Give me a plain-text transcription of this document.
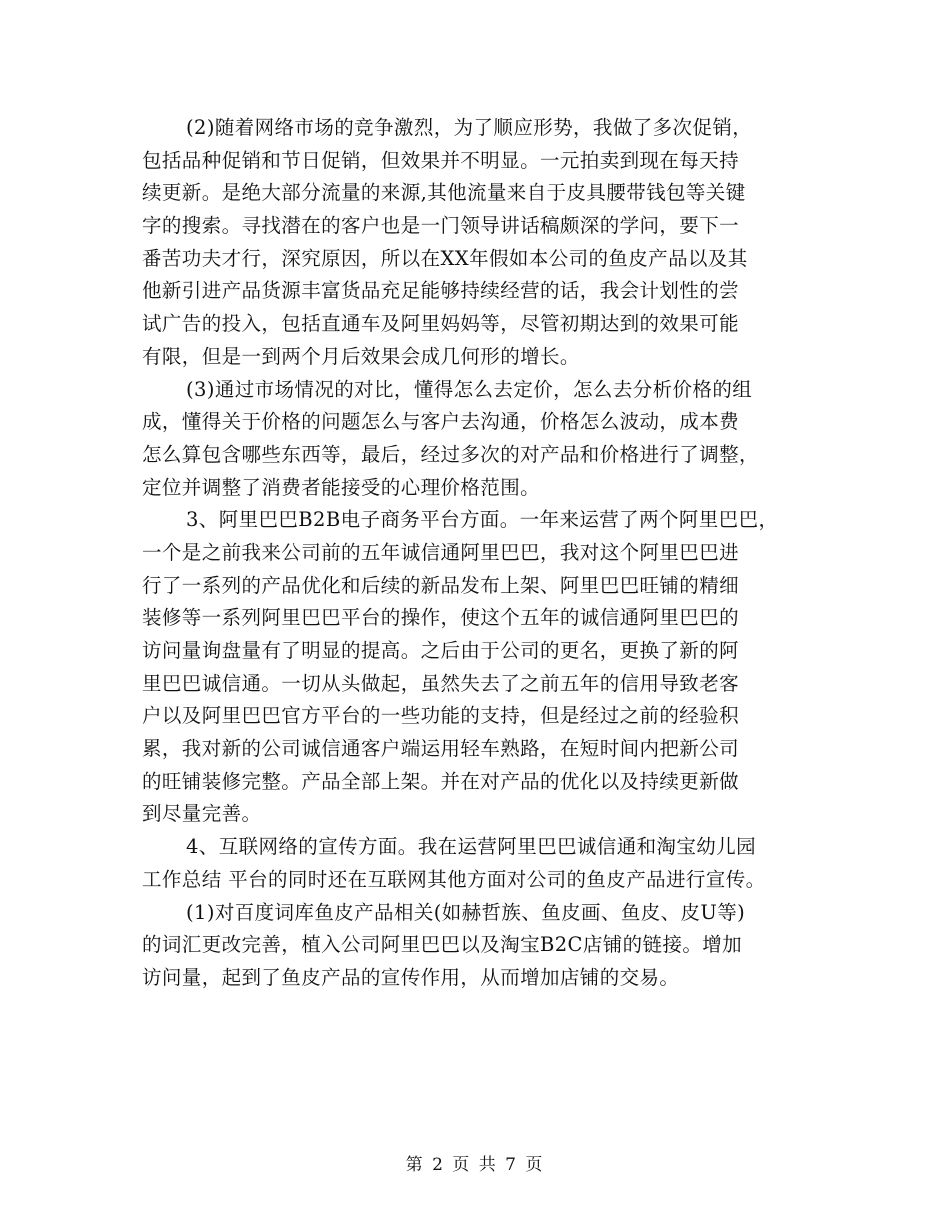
(2)随着网络市场的竞争激烈，为了顺应形势，我做了多次促销，
包括品种促销和节日促销，但效果并不明显。一元拍卖到现在每天持
续更新。是绝大部分流量的来源,其他流量来自于皮具腰带钱包等关键
字的搜索。寻找潜在的客户也是一门领导讲话稿颇深的学问，要下一
番苦功夫才行，深究原因，所以在XX年假如本公司的鱼皮产品以及其
他新引进产品货源丰富货品充足能够持续经营的话，我会计划性的尝
试广告的投入，包括直通车及阿里妈妈等，尽管初期达到的效果可能
有限，但是一到两个月后效果会成几何形的增长。
(3)通过市场情况的对比，懂得怎么去定价，怎么去分析价格的组
成，懂得关于价格的问题怎么与客户去沟通，价格怎么波动，成本费
怎么算包含哪些东西等，最后，经过多次的对产品和价格进行了调整，
定位并调整了消费者能接受的心理价格范围。
3、阿里巴巴B2B电子商务平台方面。一年来运营了两个阿里巴巴，
一个是之前我来公司前的五年诚信通阿里巴巴，我对这个阿里巴巴进
行了一系列的产品优化和后续的新品发布上架、阿里巴巴旺铺的精细
装修等一系列阿里巴巴平台的操作，使这个五年的诚信通阿里巴巴的
访问量询盘量有了明显的提高。之后由于公司的更名，更换了新的阿
里巴巴诚信通。一切从头做起，虽然失去了之前五年的信用导致老客
户以及阿里巴巴官方平台的一些功能的支持，但是经过之前的经验积
累，我对新的公司诚信通客户端运用轻车熟路，在短时间内把新公司
的旺铺装修完整。产品全部上架。并在对产品的优化以及持续更新做
到尽量完善。
4、互联网络的宣传方面。我在运营阿里巴巴诚信通和淘宝幼儿园
工作总结 平台的同时还在互联网其他方面对公司的鱼皮产品进行宣传。
(1)对百度词库鱼皮产品相关(如赫哲族、鱼皮画、鱼皮、皮U等)
的词汇更改完善，植入公司阿里巴巴以及淘宝B2C店铺的链接。增加
访问量，起到了鱼皮产品的宣传作用，从而增加店铺的交易。
第 2 页 共 7 页
